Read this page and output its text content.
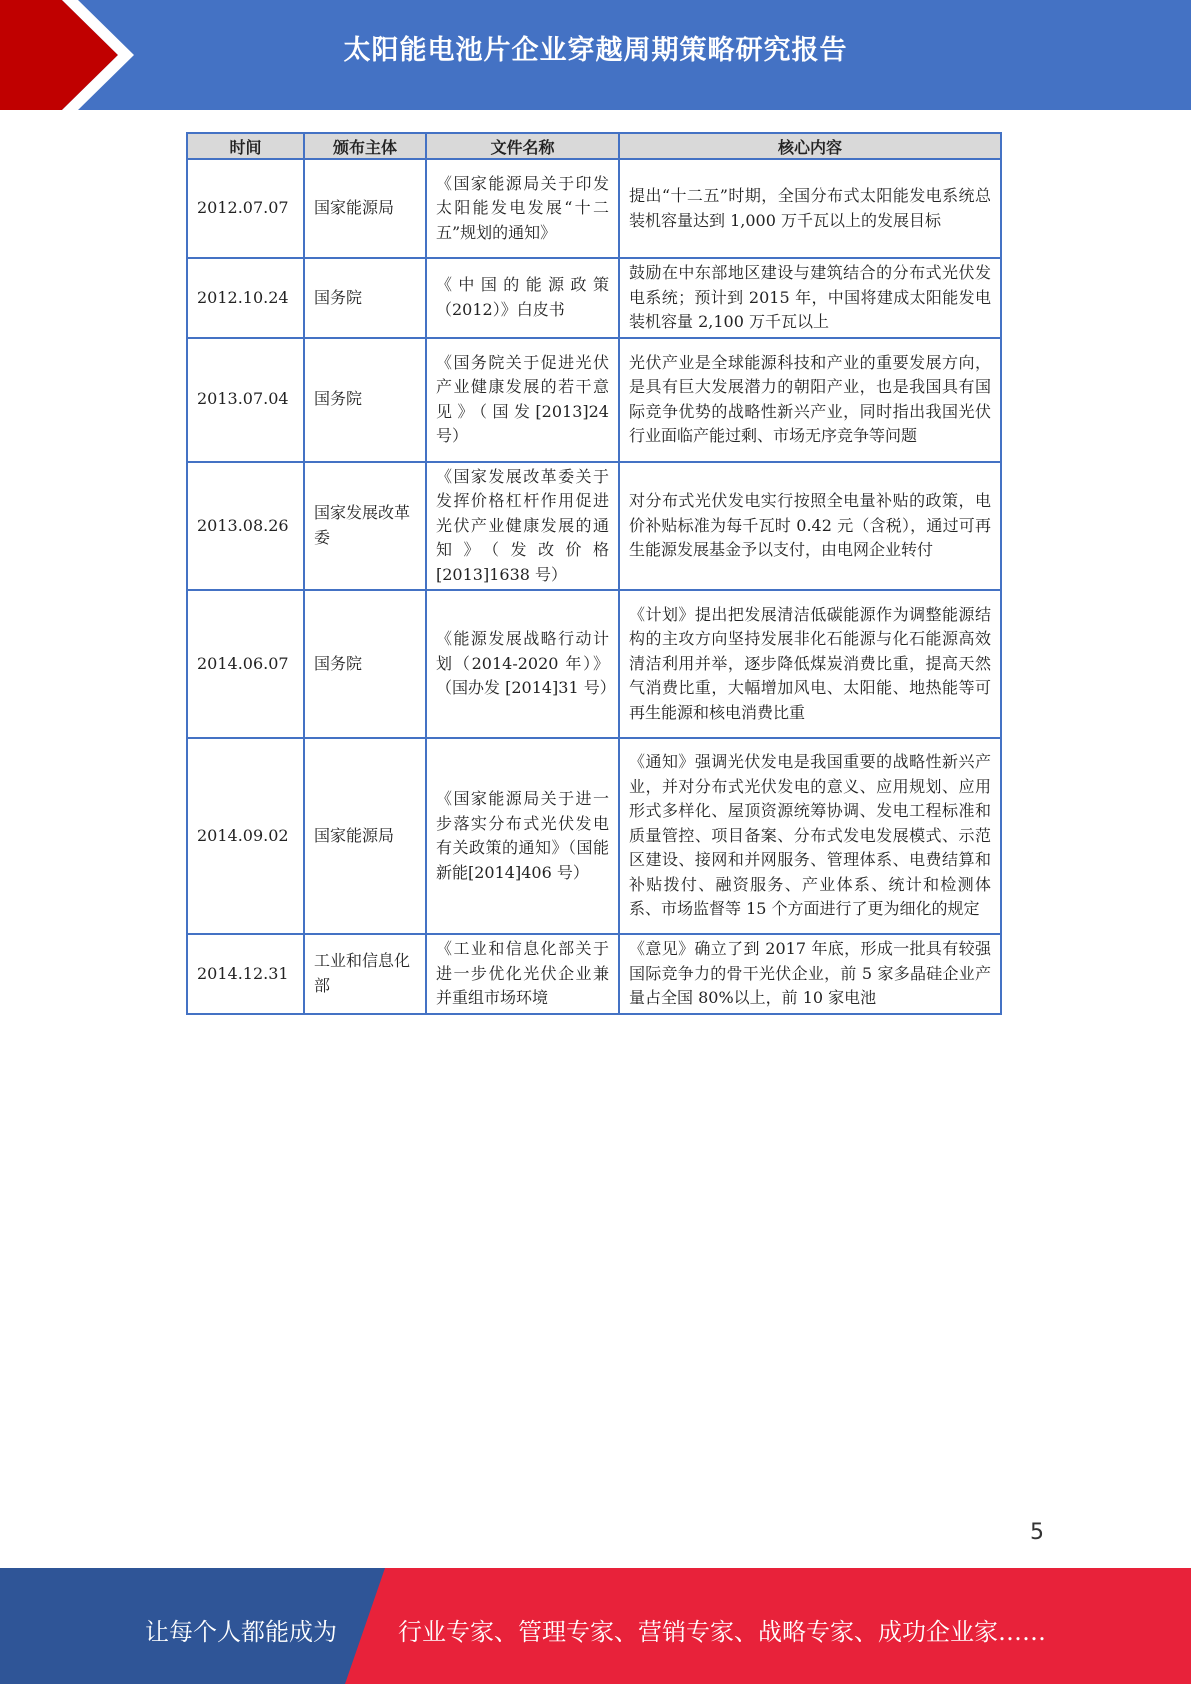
太阳能电池片企业穿越周期策略研究报告
时间	颁布主体	文件名称	核心内容
2012.07.07	国家能源局	《国家能源局关于印发太阳能发电发展“十二五”规划的通知》	提出“十二五”时期，全国分布式太阳能发电系统总装机容量达到 1,000 万千瓦以上的发展目标
2012.10.24	国务院	《中国的能源政策（2012）》白皮书	鼓励在中东部地区建设与建筑结合的分布式光伏发电系统；预计到 2015 年，中国将建成太阳能发电装机容量 2,100 万千瓦以上
2013.07.04	国务院	《国务院关于促进光伏产业健康发展的若干意见》（国发[2013]24 号）	光伏产业是全球能源科技和产业的重要发展方向，是具有巨大发展潜力的朝阳产业，也是我国具有国际竞争优势的战略性新兴产业，同时指出我国光伏行业面临产能过剩、市场无序竞争等问题
2013.08.26	国家发展改革委	《国家发展改革委关于发挥价格杠杆作用促进光伏产业健康发展的通知》（发改价格[2013]1638 号）	对分布式光伏发电实行按照全电量补贴的政策，电价补贴标准为每千瓦时 0.42 元（含税），通过可再生能源发展基金予以支付，由电网企业转付
2014.06.07	国务院	《能源发展战略行动计划（2014-2020 年）》（国办发 [2014]31 号）	《计划》提出把发展清洁低碳能源作为调整能源结构的主攻方向坚持发展非化石能源与化石能源高效清洁利用并举，逐步降低煤炭消费比重，提高天然气消费比重，大幅增加风电、太阳能、地热能等可再生能源和核电消费比重
2014.09.02	国家能源局	《国家能源局关于进一步落实分布式光伏发电有关政策的通知》（国能新能[2014]406 号）	《通知》强调光伏发电是我国重要的战略性新兴产业，并对分布式光伏发电的意义、应用规划、应用形式多样化、屋顶资源统筹协调、发电工程标准和质量管控、项目备案、分布式发电发展模式、示范区建设、接网和并网服务、管理体系、电费结算和补贴拨付、融资服务、产业体系、统计和检测体系、市场监督等 15 个方面进行了更为细化的规定
2014.12.31	工业和信息化部	《工业和信息化部关于进一步优化光伏企业兼并重组市场环境	《意见》确立了到 2017 年底，形成一批具有较强国际竞争力的骨干光伏企业，前 5 家多晶硅企业产量占全国 80%以上，前 10 家电池
5
让每个人都能成为	行业专家、管理专家、营销专家、战略专家、成功企业家……
